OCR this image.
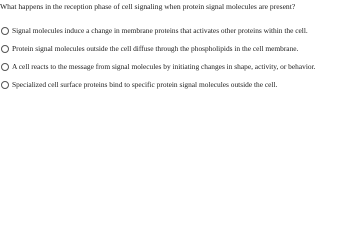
What happens in the reception phase of cell signaling when protein signal molecules are present?
Signal molecules induce a change in membrane proteins that activates other proteins within the cell.
Protein signal molecules outside the cell diffuse through the phospholipids in the cell membrane.
A cell reacts to the message from signal molecules by initiating changes in shape, activity, or behavior.
Specialized cell surface proteins bind to specific protein signal molecules outside the cell.
